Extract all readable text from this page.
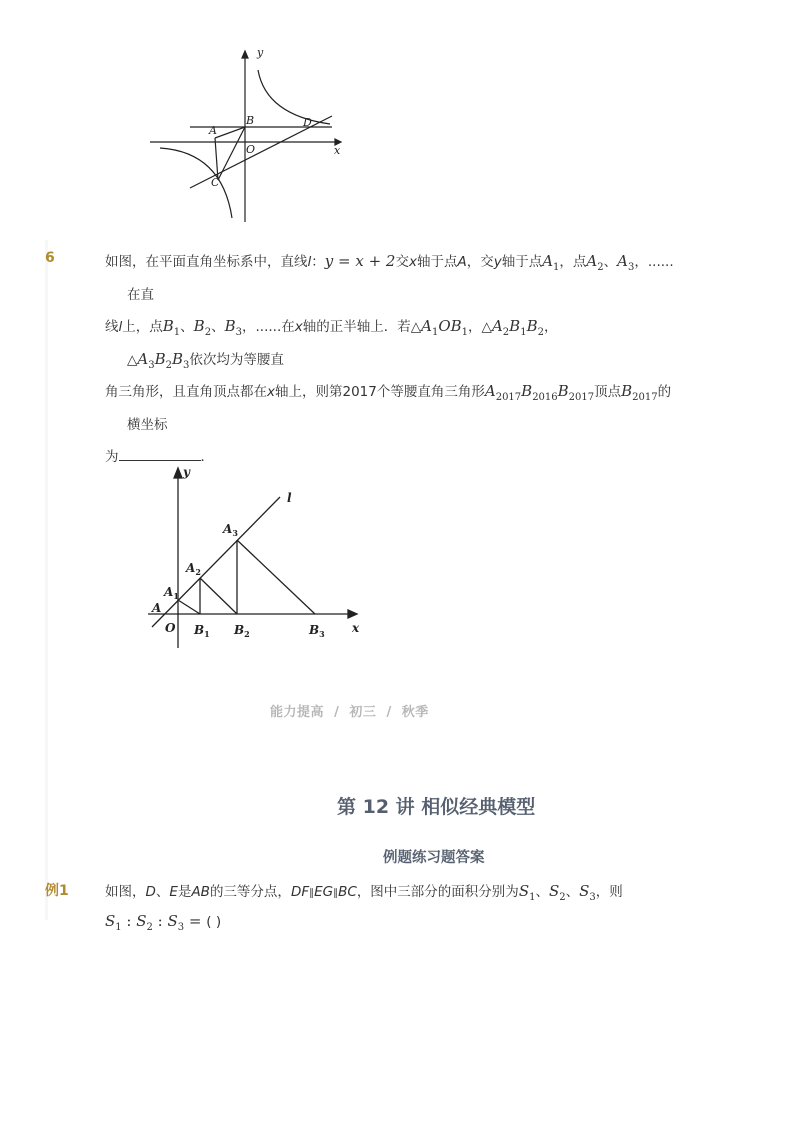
y
x
A
B	D
O
C
6	如图，在平面直角坐标系中，直线l：y = x + 2交x轴于点A，交y轴于点$A_1$，点$A_2$、$A_3$，......
在直
线l上，点$B_1$、$B_2$、$B_3$，......在x轴的正半轴上．若$\triangle A_1OB_1$，$\triangle A_2B_1B_2$，
$\triangle A_3B_2B_3$依次均为等腰直
角三角形，且直角顶点都在x轴上，则第2017个等腰直角三角形$A_{2017}B_{2016}B_{2017}$顶点$B_{2017}$的
横坐标
为	．
y
x
l
O
A
$A_1$
$A_2$
$A_3$
$B_1$ $B_2$	$B_3$
能力提高 / 初三 / 秋季
第 12 讲 相似经典模型
例题练习题答案
例1	如图，D、E是AB的三等分点，DF∥EG∥BC，图中三部分的面积分别为$S_1$、$S_2$、$S_3$，则
$S_1$ : $S_2$ : $S_3$ = ( )
